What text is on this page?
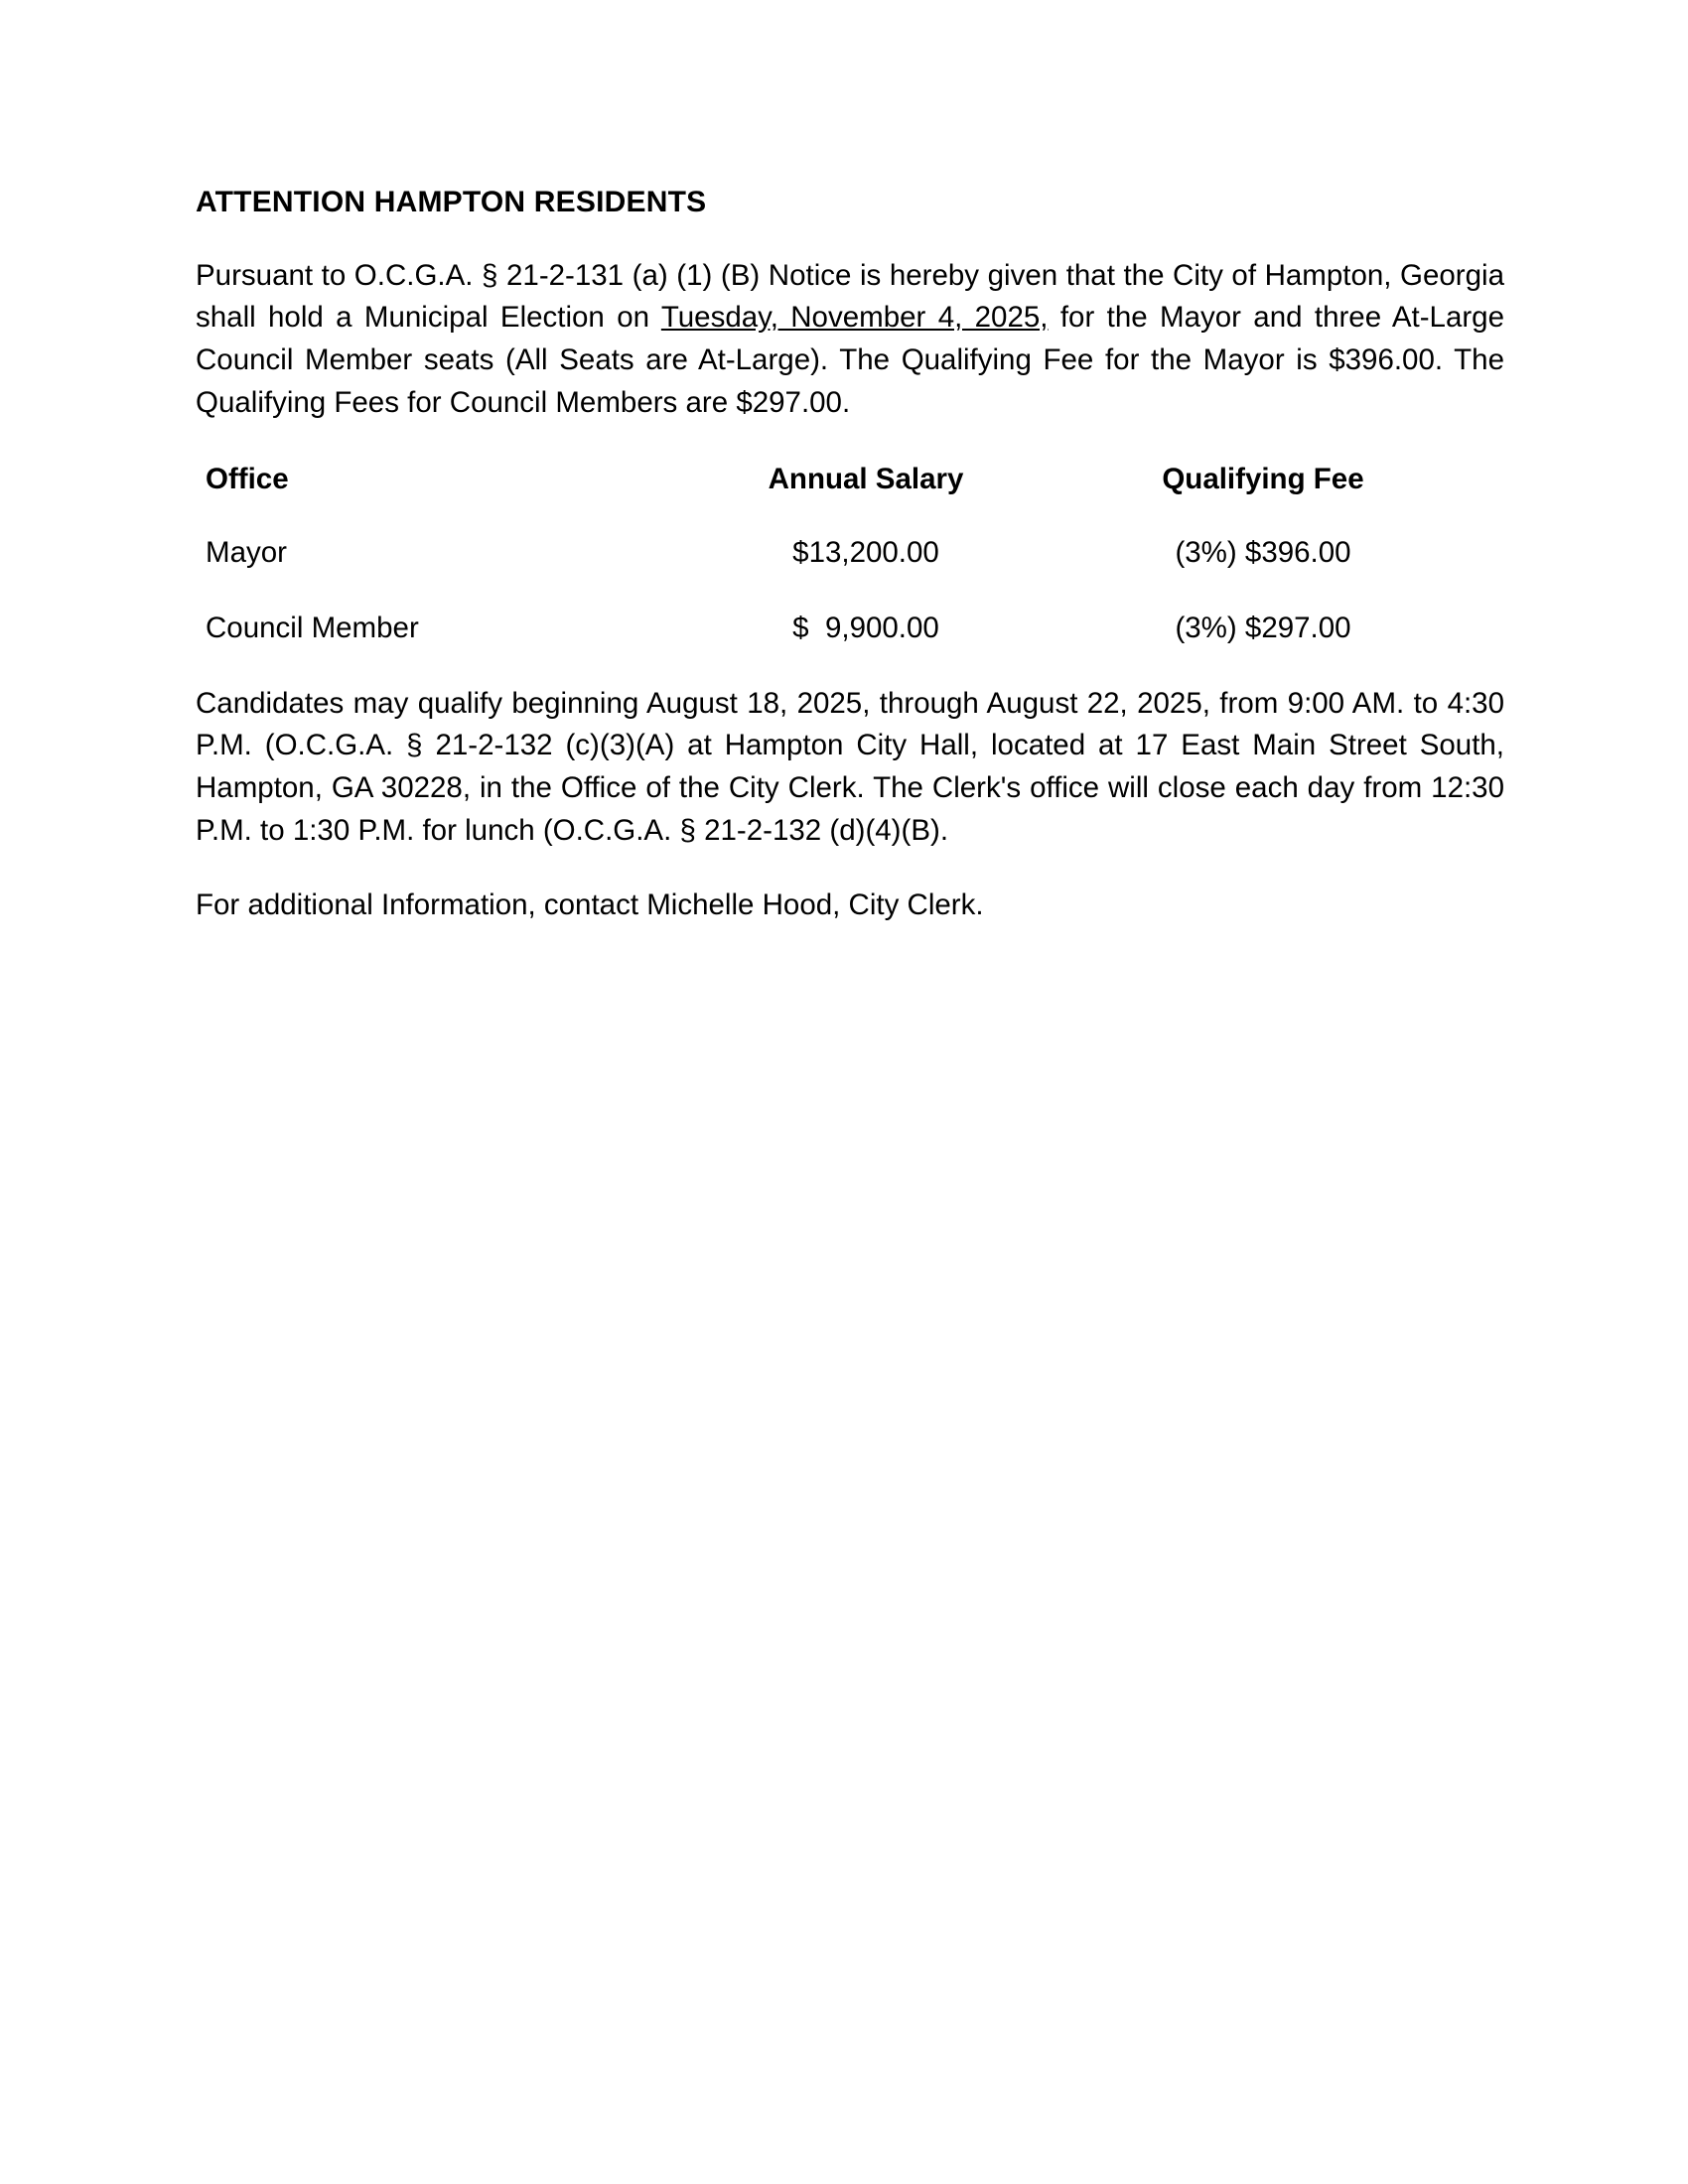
ATTENTION HAMPTON RESIDENTS

Pursuant to O.C.G.A. § 21-2-131 (a) (1) (B) Notice is hereby given that the City of Hampton, Georgia shall hold a Municipal Election on Tuesday, November 4, 2025, for the Mayor and three At-Large Council Member seats (All Seats are At-Large). The Qualifying Fee for the Mayor is $396.00. The Qualifying Fees for Council Members are $297.00.

Office	Annual Salary	Qualifying Fee
Mayor	$13,200.00	(3%) $396.00
Council Member	$  9,900.00	(3%) $297.00

Candidates may qualify beginning August 18, 2025, through August 22, 2025, from 9:00 AM. to 4:30 P.M. (O.C.G.A. § 21-2-132 (c)(3)(A) at Hampton City Hall, located at 17 East Main Street South, Hampton, GA 30228, in the Office of the City Clerk. The Clerk's office will close each day from 12:30 P.M. to 1:30 P.M. for lunch (O.C.G.A. § 21-2-132 (d)(4)(B).

For additional Information, contact Michelle Hood, City Clerk.
